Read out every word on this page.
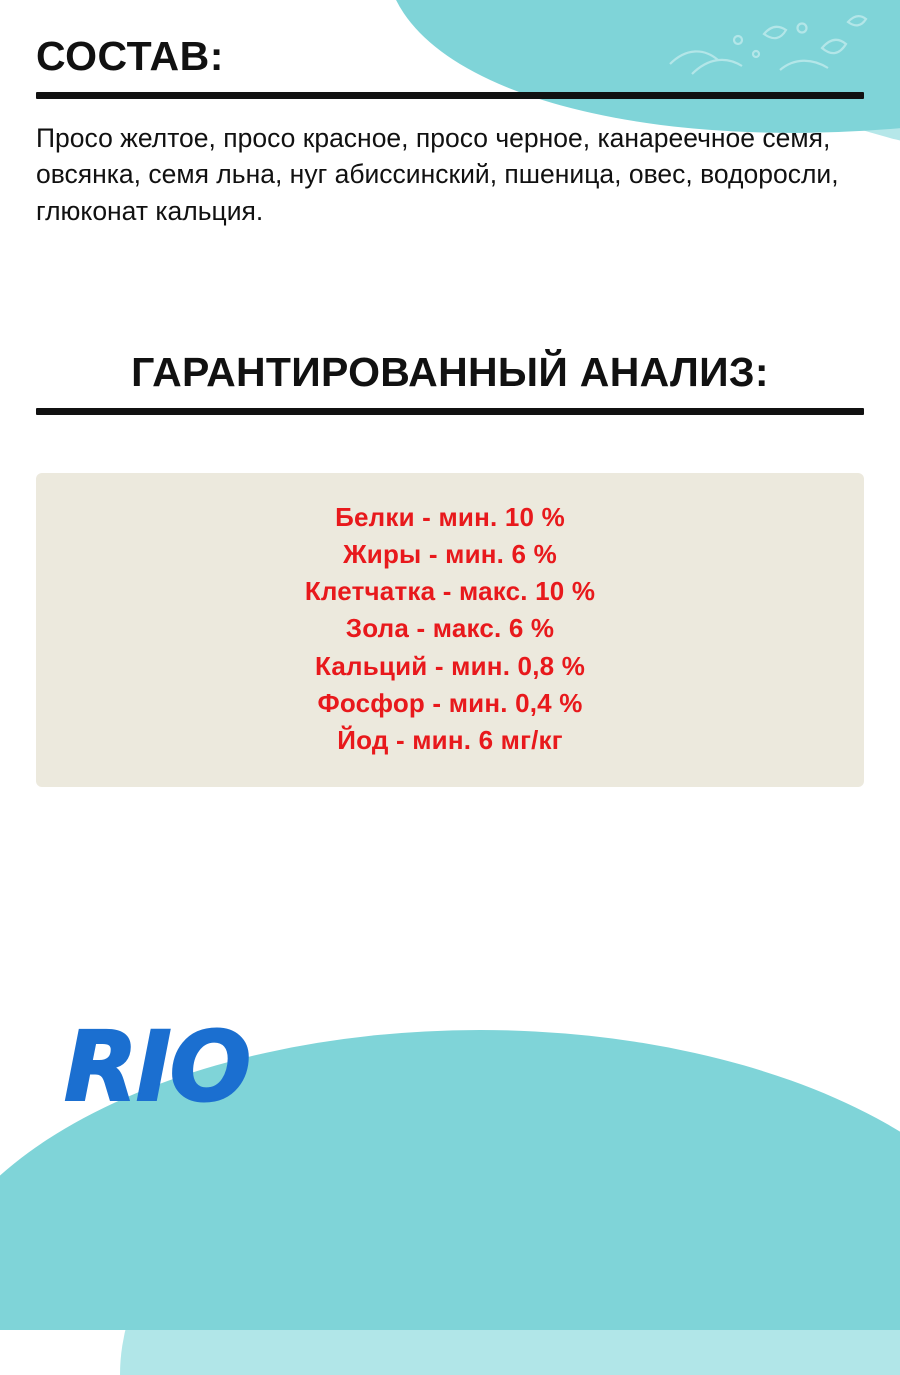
СОСТАВ:

Просо желтое, просо красное, просо черное, канареечное семя, овсянка, семя льна, нуг абиссинский, пшеница, овес, водоросли, глюконат кальция.

ГАРАНТИРОВАННЫЙ АНАЛИЗ:
Белки - мин. 10 %
Жиры - мин. 6 %
Клетчатка - макс. 10 %
Зола - макс. 6 %
Кальций - мин. 0,8 %
Фосфор - мин. 0,4 %
Йод - мин. 6 мг/кг
RIO
